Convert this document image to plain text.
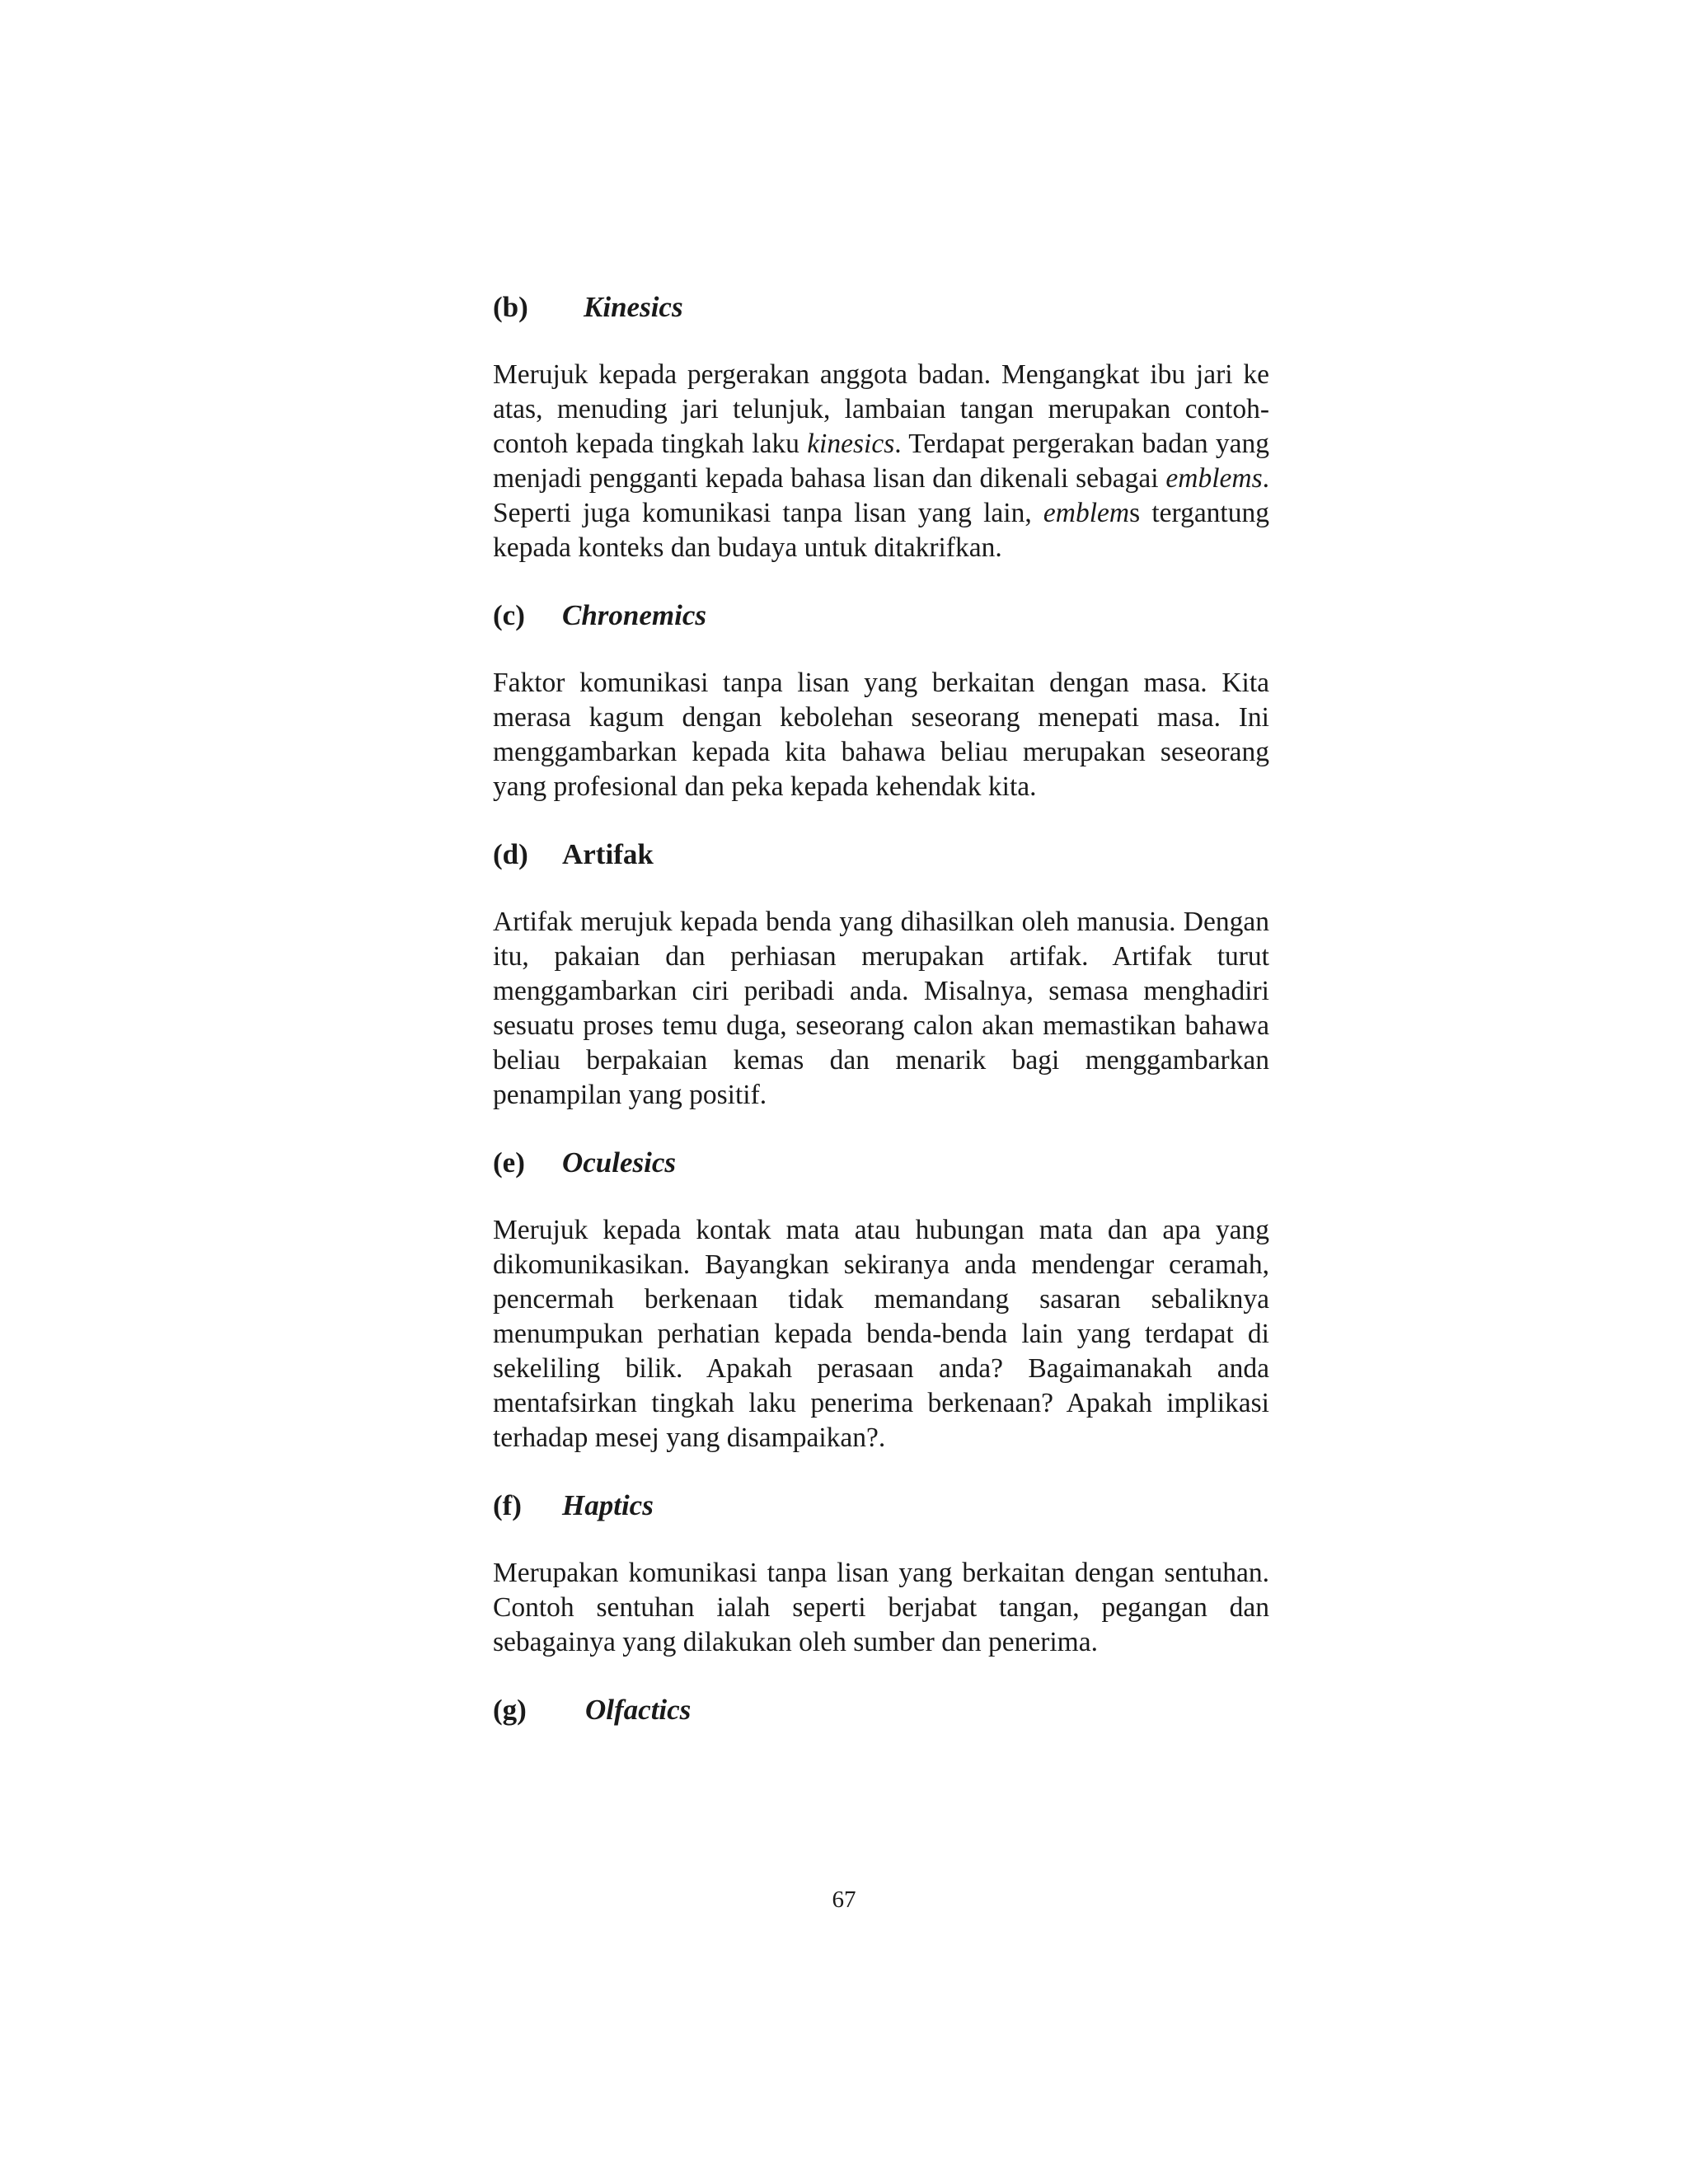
(b)	Kinesics

Merujuk kepada pergerakan anggota badan. Mengangkat ibu jari ke atas, menuding jari telunjuk, lambaian tangan merupakan contoh-contoh kepada tingkah laku kinesics. Terdapat pergerakan badan yang menjadi pengganti kepada bahasa lisan dan dikenali sebagai emblems. Seperti juga komunikasi tanpa lisan yang lain, emblems tergantung kepada konteks dan budaya untuk ditakrifkan.

(c)	Chronemics

Faktor komunikasi tanpa lisan yang berkaitan dengan masa. Kita merasa kagum dengan kebolehan seseorang menepati masa. Ini menggambarkan kepada kita bahawa beliau merupakan seseorang yang profesional dan peka kepada kehendak kita.

(d)	Artifak

Artifak merujuk kepada benda yang dihasilkan oleh manusia. Dengan itu, pakaian dan perhiasan merupakan artifak. Artifak turut menggambarkan ciri peribadi anda. Misalnya, semasa menghadiri sesuatu proses temu duga, seseorang calon akan memastikan bahawa beliau berpakaian kemas dan menarik bagi menggambarkan penampilan yang positif.

(e)	Oculesics

Merujuk kepada kontak mata atau hubungan mata dan apa yang dikomunikasikan. Bayangkan sekiranya anda mendengar ceramah, pencermah berkenaan tidak memandang sasaran sebaliknya menumpukan perhatian kepada benda-benda lain yang terdapat di sekeliling bilik. Apakah perasaan anda? Bagaimanakah anda mentafsirkan tingkah laku penerima berkenaan? Apakah implikasi terhadap mesej yang disampaikan?.

(f)	Haptics

Merupakan komunikasi tanpa lisan yang berkaitan dengan sentuhan. Contoh sentuhan ialah seperti berjabat tangan, pegangan dan sebagainya yang dilakukan oleh sumber dan penerima.

(g)	Olfactics
67
